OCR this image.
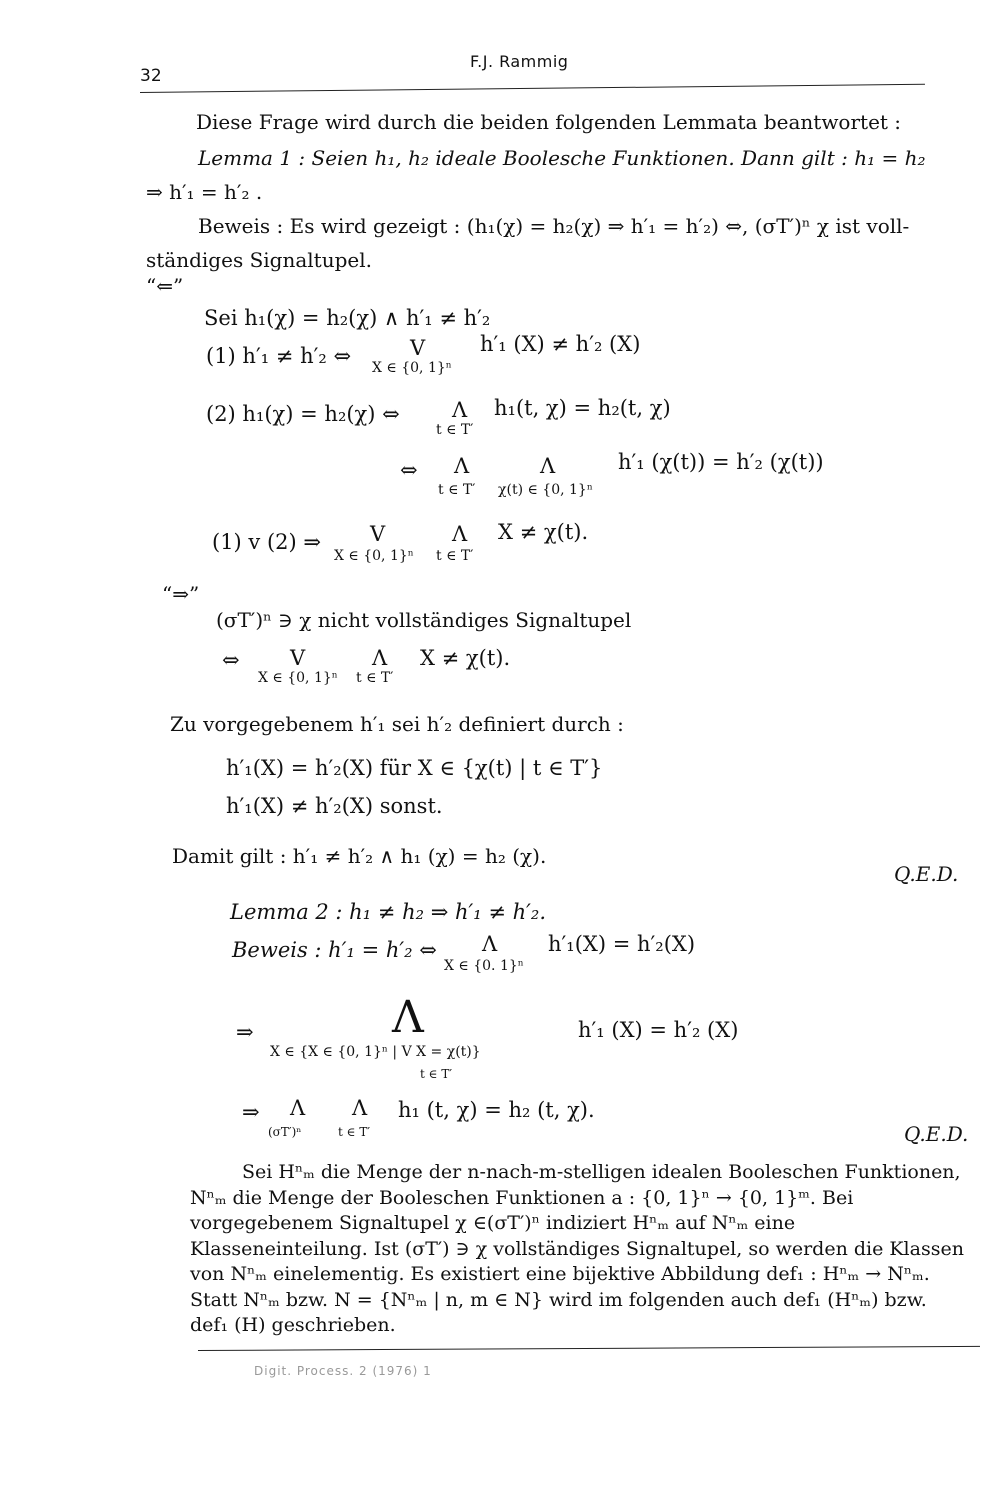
32
F.J. Rammig
Diese Frage wird durch die beiden folgenden Lemmata beantwortet :
Lemma 1 : Seien h₁, h₂ ideale Boolesche Funktionen. Dann gilt : h₁ = h₂
⇒ h′₁ = h′₂ .
Beweis : Es wird gezeigt : (h₁(χ) = h₂(χ) ⇒ h′₁ = h′₂) ⇔, (σT′)ⁿ χ ist voll-
ständiges Signaltupel.
“⇐”
Sei h₁(χ) = h₂(χ) ∧ h′₁ ≠ h′₂
(1) h′₁ ≠ h′₂ ⇔	V
X ∈ {0, 1}ⁿ
h′₁ (X) ≠ h′₂ (X)
(2) h₁(χ) = h₂(χ) ⇔ Λ
t ∈ T′
h₁(t, χ) = h₂(t, χ)
⇔ Λ
t ∈ T′
Λ
χ(t) ∈ {0, 1}ⁿ
h′₁ (χ(t)) = h′₂ (χ(t))
(1) v (2) ⇒ V
X ∈ {0, 1}ⁿ
Λ
t ∈ T′
X ≠ χ(t).
“⇒”
(σT′)ⁿ ∋ χ nicht vollständiges Signaltupel
⇔ V
X ∈ {0, 1}ⁿ
Λ
t ∈ T′
X ≠ χ(t).
Zu vorgegebenem h′₁ sei h′₂ definiert durch :
h′₁(X) = h′₂(X) für X ∈ {χ(t) | t ∈ T′}
h′₁(X) ≠ h′₂(X) sonst.
Damit gilt : h′₁ ≠ h′₂ ∧ h₁ (χ) = h₂ (χ).
Q.E.D.
Lemma 2 : h₁ ≠ h₂ ⇒ h′₁ ≠ h′₂.
Beweis : h′₁ = h′₂ ⇔ Λ
X ∈ {0. 1}ⁿ
h′₁(X) = h′₂(X)
⇒	Λ
X ∈ {X ∈ {0, 1}ⁿ | V X = χ(t)}
t ∈ T′
h′₁ (X) = h′₂ (X)
⇒ Λ
(σT′)ⁿ
Λ
t ∈ T′
h₁ (t, χ) = h₂ (t, χ).
Q.E.D.
Sei Hⁿₘ die Menge der n-nach-m-stelligen idealen Booleschen Funktionen, Nⁿₘ die Menge der Booleschen Funktionen a : {0, 1}ⁿ → {0, 1}ᵐ. Bei vorgegebenem Signaltupel χ ∈(σT′)ⁿ indiziert Hⁿₘ auf Nⁿₘ eine Klasseneinteilung. Ist (σT′) ∋ χ vollständiges Signaltupel, so werden die Klassen von Nⁿₘ einelementig. Es existiert eine bijektive Abbildung def₁ : Hⁿₘ → Nⁿₘ. Statt Nⁿₘ bzw. N = {Nⁿₘ | n, m ∈ N} wird im folgenden auch def₁ (Hⁿₘ) bzw. def₁ (H) geschrieben.
Digit. Process. 2 (1976) 1
